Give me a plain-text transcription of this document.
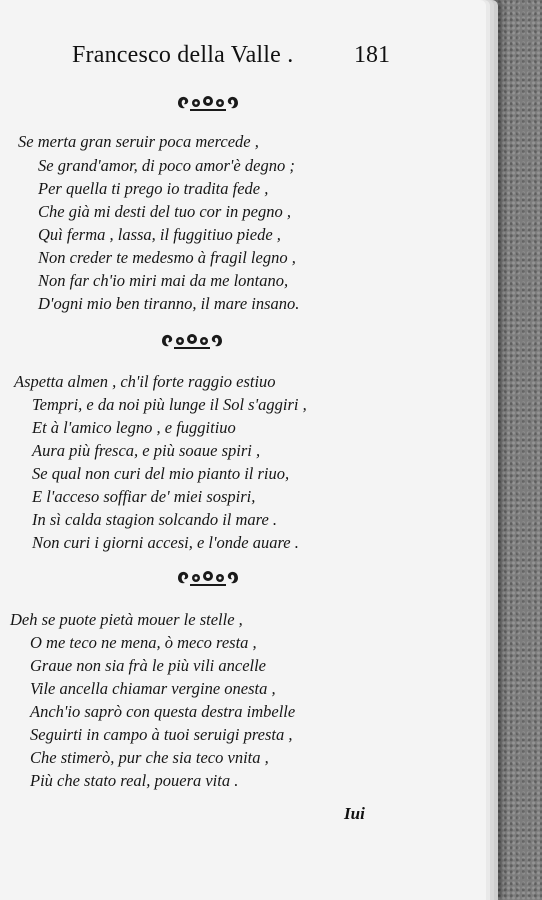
Francesco della Valle .	181
Se merta gran seruir poca mercede ,
Se grand'amor, di poco amor'è degno ;
Per quella ti prego io tradita fede ,
Che già mi desti del tuo cor in pegno ,
Quì ferma , lassa, il fuggitiuo piede ,
Non creder te medesmo à fragil legno ,
Non far ch'io miri mai da me lontano,
D'ogni mio ben tiranno, il mare insano.
Aspetta almen , ch'il forte raggio estiuo
Tempri, e da noi più lunge il Sol s'aggiri ,
Et à l'amico legno , e fuggitiuo
Aura più fresca, e più soaue spiri ,
Se qual non curi del mio pianto il riuo,
E l'acceso soffiar de' miei sospiri,
In sì calda stagion solcando il mare .
Non curi i giorni accesi, e l'onde auare .
Deh se puote pietà mouer le stelle ,
O me teco ne mena, ò meco resta ,
Graue non sia frà le più vili ancelle
Vile ancella chiamar vergine onesta ,
Anch'io saprò con questa destra imbelle
Seguirti in campo à tuoi seruigi presta ,
Che stimerò, pur che sia teco vnita ,
Più che stato real, pouera vita .
Iui
